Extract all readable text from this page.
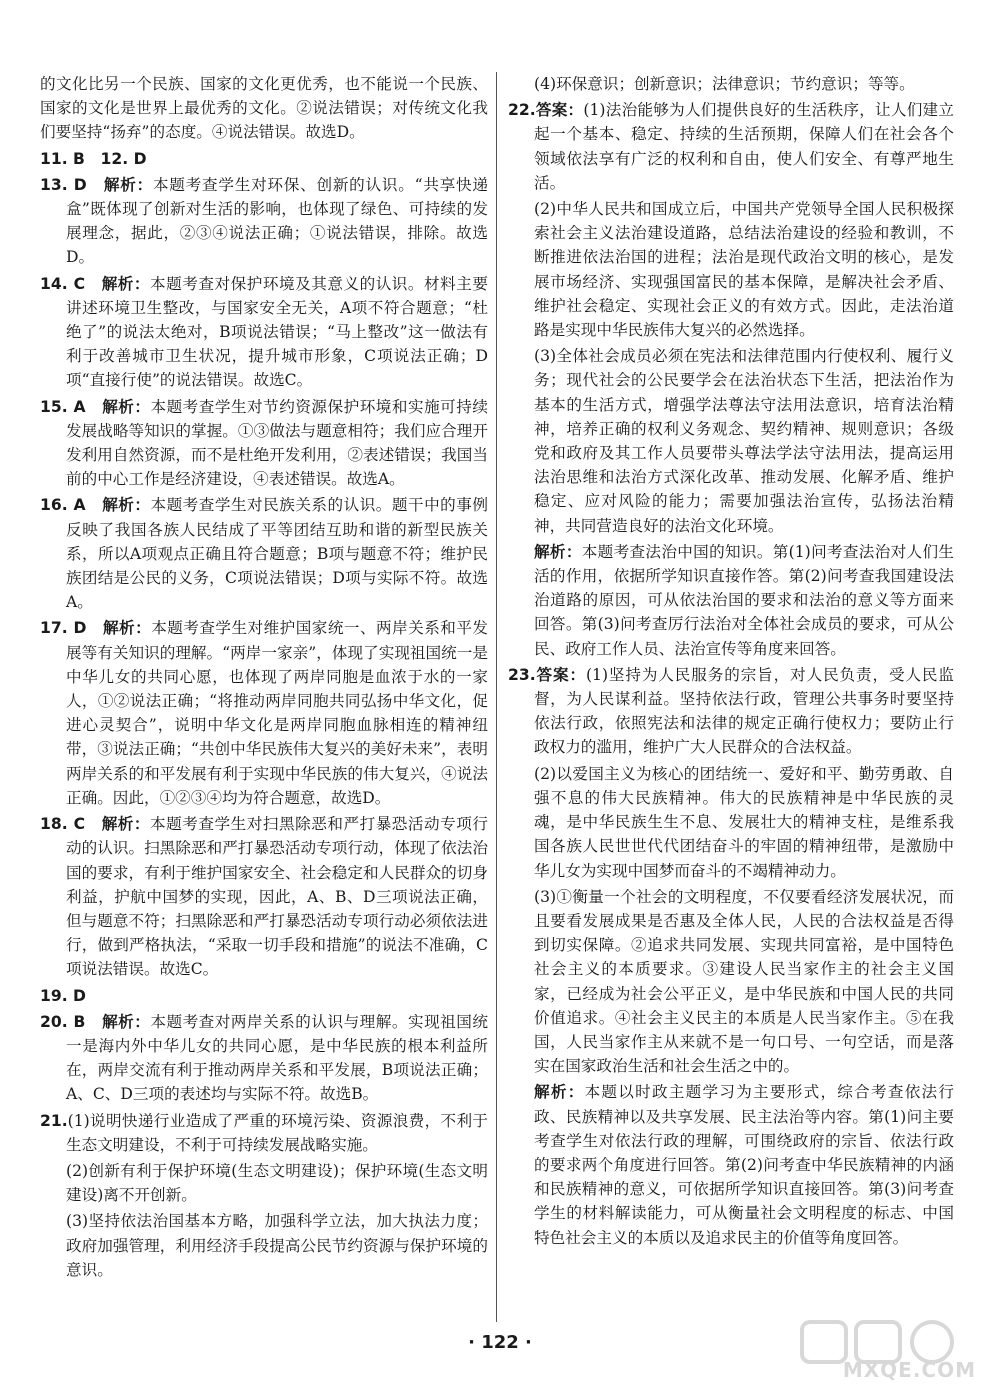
的文化比另一个民族、国家的文化更优秀，也不能说一个民族、国家的文化是世界上最优秀的文化。②说法错误；对传统文化我们要坚持“扬弃”的态度。④说法错误。故选D。

11. B　12. D

13. D　 解析：本题考查学生对环保、创新的认识。“共享快递盒”既体现了创新对生活的影响，也体现了绿色、可持续的发展理念，据此，②③④说法正确；①说法错误，排除。故选D。

14. C　 解析：本题考查对保护环境及其意义的认识。材料主要讲述环境卫生整改，与国家安全无关，A项不符合题意；“杜绝了”的说法太绝对，B项说法错误；“马上整改”这一做法有利于改善城市卫生状况，提升城市形象，C项说法正确；D项“直接行使”的说法错误。故选C。

15. A　 解析：本题考查学生对节约资源保护环境和实施可持续发展战略等知识的掌握。①③做法与题意相符；我们应合理开发利用自然资源，而不是杜绝开发利用，②表述错误；我国当前的中心工作是经济建设，④表述错误。故选A。

16. A　 解析：本题考查学生对民族关系的认识。题干中的事例反映了我国各族人民结成了平等团结互助和谐的新型民族关系，所以A项观点正确且符合题意；B项与题意不符；维护民族团结是公民的义务，C项说法错误；D项与实际不符。故选A。

17. D　 解析：本题考查学生对维护国家统一、两岸关系和平发展等有关知识的理解。“两岸一家亲”，体现了实现祖国统一是中华儿女的共同心愿，也体现了两岸同胞是血浓于水的一家人，①②说法正确；“将推动两岸同胞共同弘扬中华文化，促进心灵契合”，说明中华文化是两岸同胞血脉相连的精神纽带，③说法正确；“共创中华民族伟大复兴的美好未来”，表明两岸关系的和平发展有利于实现中华民族的伟大复兴，④说法正确。因此，①②③④均为符合题意，故选D。

18. C　 解析：本题考查学生对扫黑除恶和严打暴恐活动专项行动的认识。扫黑除恶和严打暴恐活动专项行动，体现了依法治国的要求，有利于维护国家安全、社会稳定和人民群众的切身利益，护航中国梦的实现，因此，A、B、D三项说法正确，但与题意不符；扫黑除恶和严打暴恐活动专项行动必须依法进行，做到严格执法，“采取一切手段和措施”的说法不准确，C项说法错误。故选C。

19. D

20. B　 解析：本题考查对两岸关系的认识与理解。实现祖国统一是海内外中华儿女的共同心愿，是中华民族的根本利益所在，两岸交流有利于推动两岸关系和平发展，B项说法正确；A、C、D三项的表述均与实际不符。故选B。

21.(1)说明快递行业造成了严重的环境污染、资源浪费，不利于生态文明建设，不利于可持续发展战略实施。

(2)创新有利于保护环境(生态文明建设)；保护环境(生态文明建设)离不开创新。

(3)坚持依法治国基本方略，加强科学立法，加大执法力度；政府加强管理，利用经济手段提高公民节约资源与保护环境的意识。

(4)环保意识；创新意识；法律意识；节约意识；等等。

22.答案：(1)法治能够为人们提供良好的生活秩序，让人们建立起一个基本、稳定、持续的生活预期，保障人们在社会各个领域依法享有广泛的权利和自由，使人们安全、有尊严地生活。

(2)中华人民共和国成立后，中国共产党领导全国人民积极探索社会主义法治建设道路，总结法治建设的经验和教训，不断推进依法治国的进程；法治是现代政治文明的核心，是发展市场经济、实现强国富民的基本保障，是解决社会矛盾、维护社会稳定、实现社会正义的有效方式。因此，走法治道路是实现中华民族伟大复兴的必然选择。

(3)全体社会成员必须在宪法和法律范围内行使权利、履行义务；现代社会的公民要学会在法治状态下生活，把法治作为基本的生活方式，增强学法尊法守法用法意识，培育法治精神，培养正确的权利义务观念、契约精神、规则意识；各级党和政府及其工作人员要带头尊法学法守法用法，提高运用法治思维和法治方式深化改革、推动发展、化解矛盾、维护稳定、应对风险的能力；需要加强法治宣传，弘扬法治精神，共同营造良好的法治文化环境。

解析：本题考查法治中国的知识。第(1)问考查法治对人们生活的作用，依据所学知识直接作答。第(2)问考查我国建设法治道路的原因，可从依法治国的要求和法治的意义等方面来回答。第(3)问考查厉行法治对全体社会成员的要求，可从公民、政府工作人员、法治宣传等角度来回答。

23.答案：(1)坚持为人民服务的宗旨，对人民负责，受人民监督，为人民谋利益。坚持依法行政，管理公共事务时要坚持依法行政，依照宪法和法律的规定正确行使权力；要防止行政权力的滥用，维护广大人民群众的合法权益。

(2)以爱国主义为核心的团结统一、爱好和平、勤劳勇敢、自强不息的伟大民族精神。伟大的民族精神是中华民族的灵魂，是中华民族生生不息、发展壮大的精神支柱，是维系我国各族人民世世代代团结奋斗的牢固的精神纽带，是激励中华儿女为实现中国梦而奋斗的不竭精神动力。

(3)①衡量一个社会的文明程度，不仅要看经济发展状况，而且要看发展成果是否惠及全体人民，人民的合法权益是否得到切实保障。②追求共同发展、实现共同富裕，是中国特色社会主义的本质要求。③建设人民当家作主的社会主义国家，已经成为社会公平正义，是中华民族和中国人民的共同价值追求。④社会主义民主的本质是人民当家作主。⑤在我国，人民当家作主从来就不是一句口号、一句空话，而是落实在国家政治生活和社会生活之中的。

解析：本题以时政主题学习为主要形式，综合考查依法行政、民族精神以及共享发展、民主法治等内容。第(1)问主要考查学生对依法行政的理解，可围绕政府的宗旨、依法行政的要求两个角度进行回答。第(2)问考查中华民族精神的内涵和民族精神的意义，可依据所学知识直接回答。第(3)问考查学生的材料解读能力，可从衡量社会文明程度的标志、中国特色社会主义的本质以及追求民主的价值等角度回答。

· 122 ·
MXQE.COM
